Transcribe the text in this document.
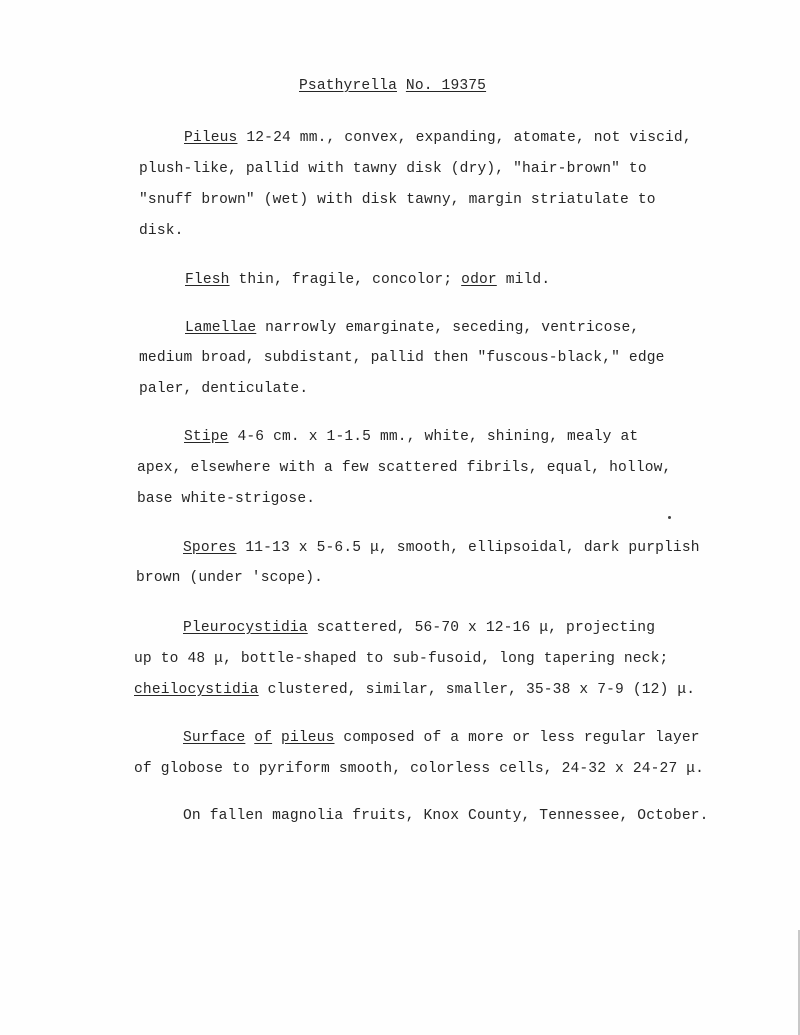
Psathyrella No. 19375
Pileus 12-24 mm., convex, expanding, atomate, not viscid,
plush-like, pallid with tawny disk (dry), "hair-brown" to
"snuff brown" (wet) with disk tawny, margin striatulate to
disk.
Flesh thin, fragile, concolor; odor mild.
Lamellae narrowly emarginate, seceding, ventricose,
medium broad, subdistant, pallid then "fuscous-black," edge
paler, denticulate.
Stipe 4-6 cm. x 1-1.5 mm., white, shining, mealy at
apex, elsewhere with a few scattered fibrils, equal, hollow,
base white-strigose.
Spores 11-13 x 5-6.5 μ, smooth, ellipsoidal, dark purplish
brown (under 'scope).
Pleurocystidia scattered, 56-70 x 12-16 μ, projecting
up to 48 μ, bottle-shaped to sub-fusoid, long tapering neck;
cheilocystidia clustered, similar, smaller, 35-38 x 7-9 (12) μ.
Surface of pileus composed of a more or less regular layer
of globose to pyriform smooth, colorless cells, 24-32 x 24-27 μ.
On fallen magnolia fruits, Knox County, Tennessee, October.
